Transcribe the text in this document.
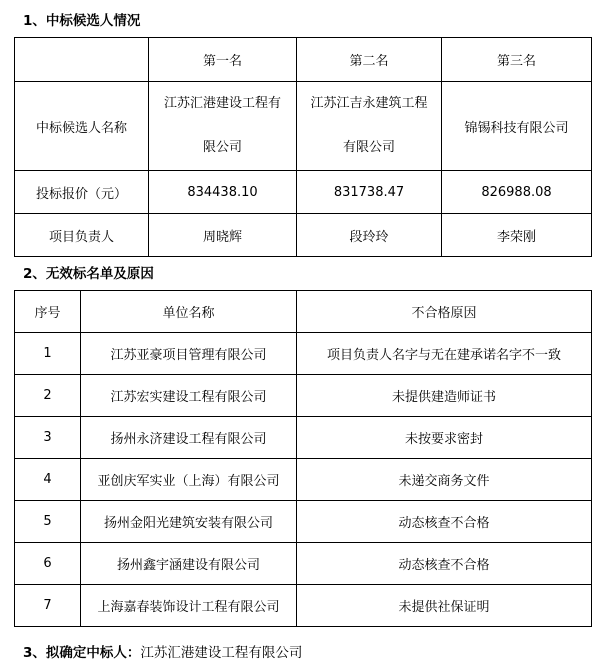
1、中标候选人情况
	第一名	第二名	第三名
中标候选人名称	江苏汇港建设工程有限公司	江苏江吉永建筑工程有限公司	锦锡科技有限公司
投标报价（元）	834438.10	831738.47	826988.08
项目负责人	周晓辉	段玲玲	李荣刚
2、无效标名单及原因
序号	单位名称	不合格原因
1	江苏亚豪项目管理有限公司	项目负责人名字与无在建承诺名字不一致
2	江苏宏实建设工程有限公司	未提供建造师证书
3	扬州永济建设工程有限公司	未按要求密封
4	亚创庆军实业（上海）有限公司	未递交商务文件
5	扬州金阳光建筑安装有限公司	动态核查不合格
6	扬州鑫宇涵建设有限公司	动态核查不合格
7	上海嘉春装饰设计工程有限公司	未提供社保证明
3、拟确定中标人：江苏汇港建设工程有限公司
